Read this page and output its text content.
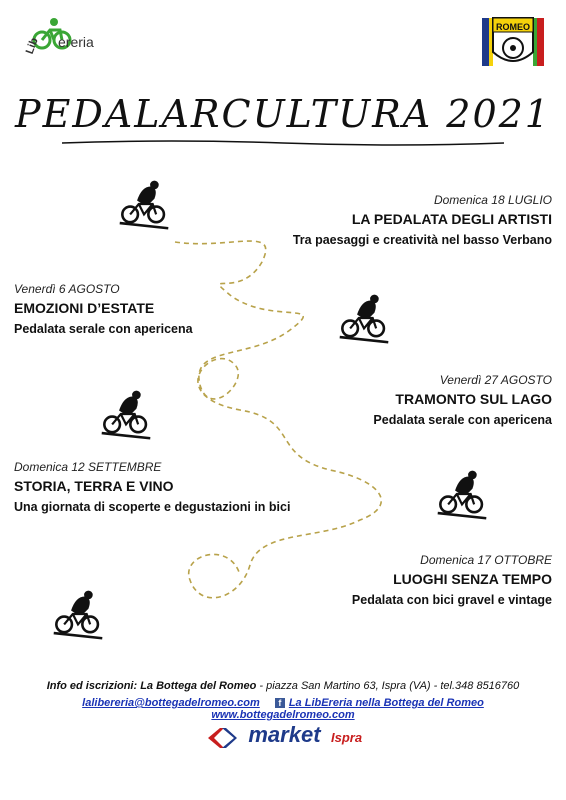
Lib ereria
ROMEO
PEDALARCULTURA 2021
Domenica 18 LUGLIO
LA PEDALATA DEGLI ARTISTI
Tra paesaggi e creatività nel basso Verbano
Venerdì 6 AGOSTO
EMOZIONI D’ESTATE
Pedalata serale con apericena
Venerdì 27 AGOSTO
TRAMONTO SUL LAGO
Pedalata serale con apericena
Domenica 12 SETTEMBRE
STORIA, TERRA E VINO
Una giornata di scoperte e degustazioni in bici
Domenica 17 OTTOBRE
LUOGHI SENZA TEMPO
Pedalata con bici gravel e vintage
Info ed iscrizioni: La Bottega del Romeo - piazza San Martino 63, Ispra (VA) - tel.348 8516760
lalibereria@bottegadelromeo.com f La LibEreria nella Bottega del Romeo www.bottegadelromeo.com
market Ispra
